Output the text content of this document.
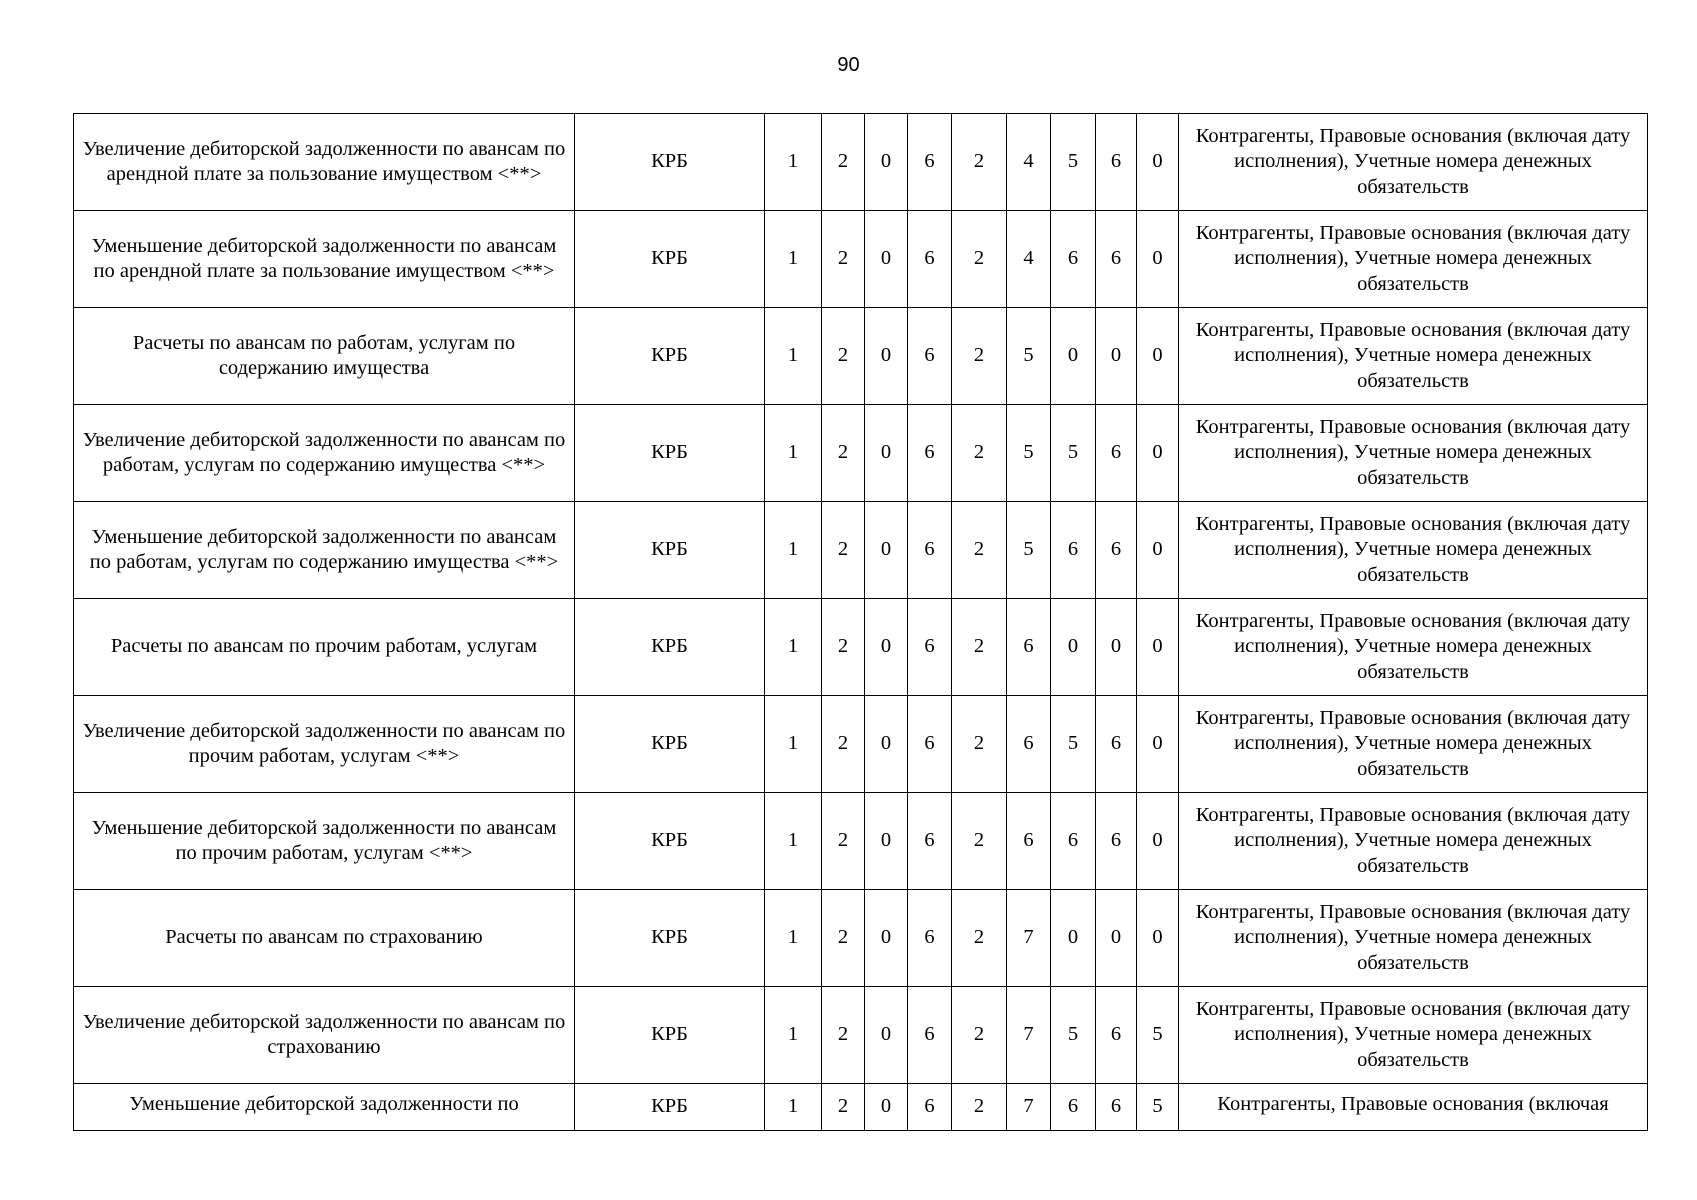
90
Увеличение дебиторской задолженности по авансам по арендной плате за пользование имуществом <**>	КРБ	1	2	0	6	2	4	5	6	0	Контрагенты, Правовые основания (включая дату исполнения), Учетные номера денежных обязательств
Уменьшение дебиторской задолженности по авансам по арендной плате за пользование имуществом <**>	КРБ	1	2	0	6	2	4	6	6	0	Контрагенты, Правовые основания (включая дату исполнения), Учетные номера денежных обязательств
Расчеты по авансам по работам, услугам по содержанию имущества	КРБ	1	2	0	6	2	5	0	0	0	Контрагенты, Правовые основания (включая дату исполнения), Учетные номера денежных обязательств
Увеличение дебиторской задолженности по авансам по работам, услугам по содержанию имущества <**>	КРБ	1	2	0	6	2	5	5	6	0	Контрагенты, Правовые основания (включая дату исполнения), Учетные номера денежных обязательств
Уменьшение дебиторской задолженности по авансам по работам, услугам по содержанию имущества <**>	КРБ	1	2	0	6	2	5	6	6	0	Контрагенты, Правовые основания (включая дату исполнения), Учетные номера денежных обязательств
Расчеты по авансам по прочим работам, услугам	КРБ	1	2	0	6	2	6	0	0	0	Контрагенты, Правовые основания (включая дату исполнения), Учетные номера денежных обязательств
Увеличение дебиторской задолженности по авансам по прочим работам, услугам <**>	КРБ	1	2	0	6	2	6	5	6	0	Контрагенты, Правовые основания (включая дату исполнения), Учетные номера денежных обязательств
Уменьшение дебиторской задолженности по авансам по прочим работам, услугам <**>	КРБ	1	2	0	6	2	6	6	6	0	Контрагенты, Правовые основания (включая дату исполнения), Учетные номера денежных обязательств
Расчеты по авансам по страхованию	КРБ	1	2	0	6	2	7	0	0	0	Контрагенты, Правовые основания (включая дату исполнения), Учетные номера денежных обязательств
Увеличение дебиторской задолженности по авансам по страхованию	КРБ	1	2	0	6	2	7	5	6	5	Контрагенты, Правовые основания (включая дату исполнения), Учетные номера денежных обязательств
Уменьшение дебиторской задолженности по	КРБ	1	2	0	6	2	7	6	6	5	Контрагенты, Правовые основания (включая
